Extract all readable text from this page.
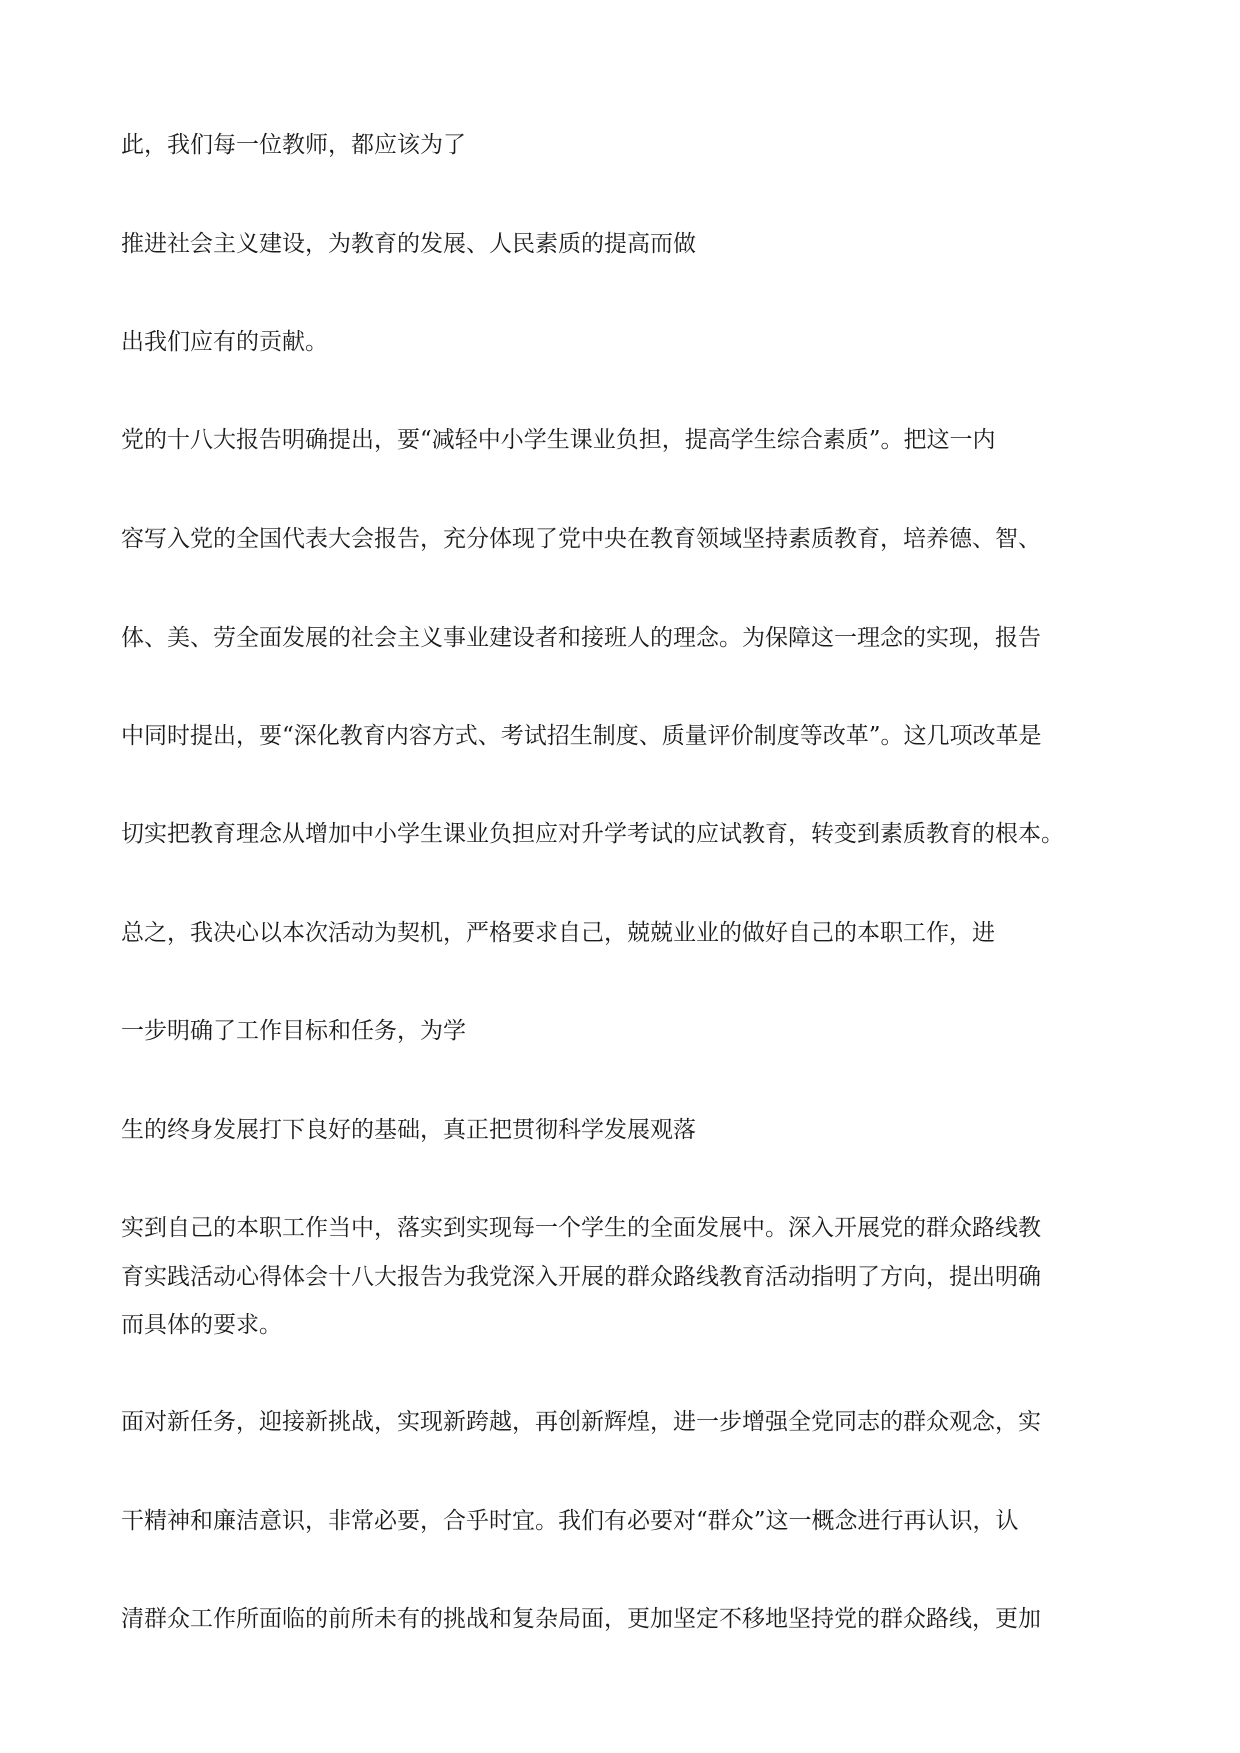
此，我们每一位教师，都应该为了

推进社会主义建设，为教育的发展、人民素质的提高而做

出我们应有的贡献。

党的十八大报告明确提出，要“减轻中小学生课业负担，提高学生综合素质”。把这一内

容写入党的全国代表大会报告，充分体现了党中央在教育领域坚持素质教育，培养德、智、

体、美、劳全面发展的社会主义事业建设者和接班人的理念。为保障这一理念的实现，报告

中同时提出，要“深化教育内容方式、考试招生制度、质量评价制度等改革”。这几项改革是

切实把教育理念从增加中小学生课业负担应对升学考试的应试教育，转变到素质教育的根本。

总之，我决心以本次活动为契机，严格要求自己，兢兢业业的做好自己的本职工作，进

一步明确了工作目标和任务，为学

生的终身发展打下良好的基础，真正把贯彻科学发展观落

实到自己的本职工作当中，落实到实现每一个学生的全面发展中。深入开展党的群众路线教

育实践活动心得体会十八大报告为我党深入开展的群众路线教育活动指明了方向，提出明确

而具体的要求。

面对新任务，迎接新挑战，实现新跨越，再创新辉煌，进一步增强全党同志的群众观念，实

干精神和廉洁意识，非常必要，合乎时宜。我们有必要对“群众”这一概念进行再认识，认

清群众工作所面临的前所未有的挑战和复杂局面，更加坚定不移地坚持党的群众路线，更加
